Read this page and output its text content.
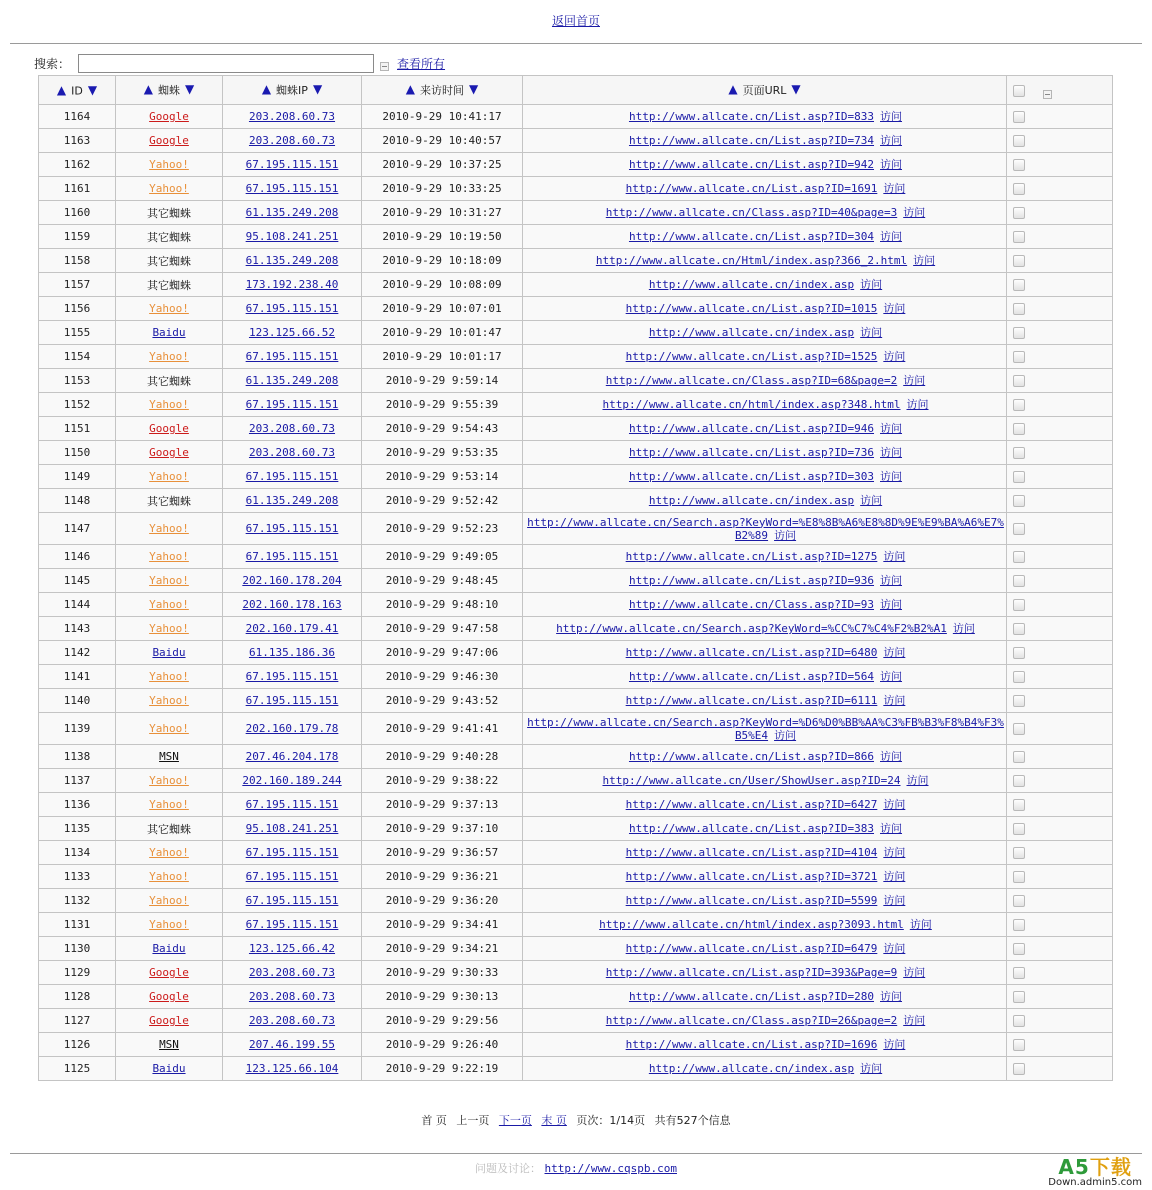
返回首页
搜索：	查看所有
▲ ID ▼	▲ 蜘蛛 ▼	▲ 蜘蛛IP ▼	▲ 来访时间 ▼	▲ 页面URL ▼	
1164	Google	203.208.60.73	2010-9-29 10:41:17	http://www.allcate.cn/List.asp?ID=833 访问	
1163	Google	203.208.60.73	2010-9-29 10:40:57	http://www.allcate.cn/List.asp?ID=734 访问	
1162	Yahoo!	67.195.115.151	2010-9-29 10:37:25	http://www.allcate.cn/List.asp?ID=942 访问	
1161	Yahoo!	67.195.115.151	2010-9-29 10:33:25	http://www.allcate.cn/List.asp?ID=1691 访问	
1160	其它蜘蛛	61.135.249.208	2010-9-29 10:31:27	http://www.allcate.cn/Class.asp?ID=40&page=3 访问	
1159	其它蜘蛛	95.108.241.251	2010-9-29 10:19:50	http://www.allcate.cn/List.asp?ID=304 访问	
1158	其它蜘蛛	61.135.249.208	2010-9-29 10:18:09	http://www.allcate.cn/Html/index.asp?366_2.html 访问	
1157	其它蜘蛛	173.192.238.40	2010-9-29 10:08:09	http://www.allcate.cn/index.asp 访问	
1156	Yahoo!	67.195.115.151	2010-9-29 10:07:01	http://www.allcate.cn/List.asp?ID=1015 访问	
1155	Baidu	123.125.66.52	2010-9-29 10:01:47	http://www.allcate.cn/index.asp 访问	
1154	Yahoo!	67.195.115.151	2010-9-29 10:01:17	http://www.allcate.cn/List.asp?ID=1525 访问	
1153	其它蜘蛛	61.135.249.208	2010-9-29 9:59:14	http://www.allcate.cn/Class.asp?ID=68&page=2 访问	
1152	Yahoo!	67.195.115.151	2010-9-29 9:55:39	http://www.allcate.cn/html/index.asp?348.html 访问	
1151	Google	203.208.60.73	2010-9-29 9:54:43	http://www.allcate.cn/List.asp?ID=946 访问	
1150	Google	203.208.60.73	2010-9-29 9:53:35	http://www.allcate.cn/List.asp?ID=736 访问	
1149	Yahoo!	67.195.115.151	2010-9-29 9:53:14	http://www.allcate.cn/List.asp?ID=303 访问	
1148	其它蜘蛛	61.135.249.208	2010-9-29 9:52:42	http://www.allcate.cn/index.asp 访问	
1147	Yahoo!	67.195.115.151	2010-9-29 9:52:23	http://www.allcate.cn/Search.asp?KeyWord=%E8%8B%A6%E8%8D%9E%E9%BA%A6%E7%B2%89 访问	
1146	Yahoo!	67.195.115.151	2010-9-29 9:49:05	http://www.allcate.cn/List.asp?ID=1275 访问	
1145	Yahoo!	202.160.178.204	2010-9-29 9:48:45	http://www.allcate.cn/List.asp?ID=936 访问	
1144	Yahoo!	202.160.178.163	2010-9-29 9:48:10	http://www.allcate.cn/Class.asp?ID=93 访问	
1143	Yahoo!	202.160.179.41	2010-9-29 9:47:58	http://www.allcate.cn/Search.asp?KeyWord=%CC%C7%C4%F2%B2%A1 访问	
1142	Baidu	61.135.186.36	2010-9-29 9:47:06	http://www.allcate.cn/List.asp?ID=6480 访问	
1141	Yahoo!	67.195.115.151	2010-9-29 9:46:30	http://www.allcate.cn/List.asp?ID=564 访问	
1140	Yahoo!	67.195.115.151	2010-9-29 9:43:52	http://www.allcate.cn/List.asp?ID=6111 访问	
1139	Yahoo!	202.160.179.78	2010-9-29 9:41:41	http://www.allcate.cn/Search.asp?KeyWord=%D6%D0%BB%AA%C3%FB%B3%F8%B4%F3%B5%E4 访问	
1138	MSN	207.46.204.178	2010-9-29 9:40:28	http://www.allcate.cn/List.asp?ID=866 访问	
1137	Yahoo!	202.160.189.244	2010-9-29 9:38:22	http://www.allcate.cn/User/ShowUser.asp?ID=24 访问	
1136	Yahoo!	67.195.115.151	2010-9-29 9:37:13	http://www.allcate.cn/List.asp?ID=6427 访问	
1135	其它蜘蛛	95.108.241.251	2010-9-29 9:37:10	http://www.allcate.cn/List.asp?ID=383 访问	
1134	Yahoo!	67.195.115.151	2010-9-29 9:36:57	http://www.allcate.cn/List.asp?ID=4104 访问	
1133	Yahoo!	67.195.115.151	2010-9-29 9:36:21	http://www.allcate.cn/List.asp?ID=3721 访问	
1132	Yahoo!	67.195.115.151	2010-9-29 9:36:20	http://www.allcate.cn/List.asp?ID=5599 访问	
1131	Yahoo!	67.195.115.151	2010-9-29 9:34:41	http://www.allcate.cn/html/index.asp?3093.html 访问	
1130	Baidu	123.125.66.42	2010-9-29 9:34:21	http://www.allcate.cn/List.asp?ID=6479 访问	
1129	Google	203.208.60.73	2010-9-29 9:30:33	http://www.allcate.cn/List.asp?ID=393&Page=9 访问	
1128	Google	203.208.60.73	2010-9-29 9:30:13	http://www.allcate.cn/List.asp?ID=280 访问	
1127	Google	203.208.60.73	2010-9-29 9:29:56	http://www.allcate.cn/Class.asp?ID=26&page=2 访问	
1126	MSN	207.46.199.55	2010-9-29 9:26:40	http://www.allcate.cn/List.asp?ID=1696 访问	
1125	Baidu	123.125.66.104	2010-9-29 9:22:19	http://www.allcate.cn/index.asp 访问	
首 页 上一页 下一页 末 页 页次：1/14页 共有527个信息
问题及讨论： http://www.cqspb.com	A5下载
Down.admin5.com
